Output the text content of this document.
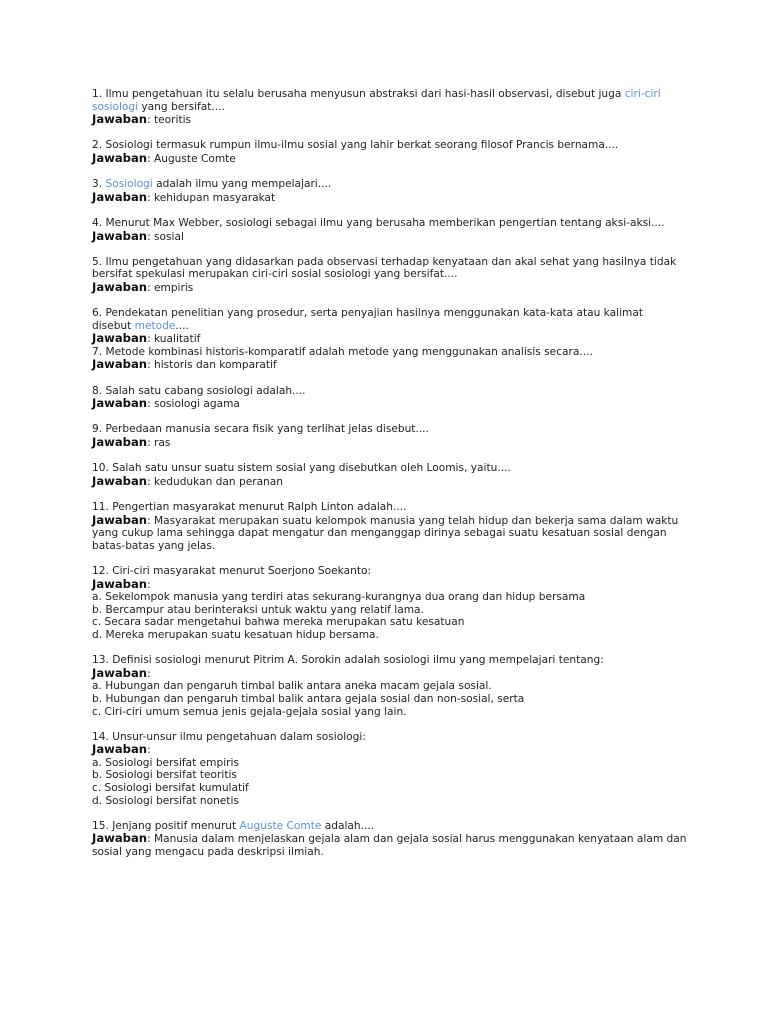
1. Ilmu pengetahuan itu selalu berusaha menyusun abstraksi dari hasi-hasil observasi, disebut juga ciri-ciri
sosiologi yang bersifat....
Jawaban: teoritis
2. Sosiologi termasuk rumpun ilmu-ilmu sosial yang lahir berkat seorang filosof Prancis bernama....
Jawaban: Auguste Comte
3. Sosiologi adalah ilmu yang mempelajari....
Jawaban: kehidupan masyarakat
4. Menurut Max Webber, sosiologi sebagai ilmu yang berusaha memberikan pengertian tentang aksi-aksi....
Jawaban: sosial
5. Ilmu pengetahuan yang didasarkan pada observasi terhadap kenyataan dan akal sehat yang hasilnya tidak
bersifat spekulasi merupakan ciri-ciri sosial sosiologi yang bersifat....
Jawaban: empiris
6. Pendekatan penelitian yang prosedur, serta penyajian hasilnya menggunakan kata-kata atau kalimat
disebut metode....
Jawaban: kualitatif
7. Metode kombinasi historis-komparatif adalah metode yang menggunakan analisis secara....
Jawaban: historis dan komparatif
8. Salah satu cabang sosiologi adalah....
Jawaban: sosiologi agama
9. Perbedaan manusia secara fisik yang terlihat jelas disebut....
Jawaban: ras
10. Salah satu unsur suatu sistem sosial yang disebutkan oleh Loomis, yaitu....
Jawaban: kedudukan dan peranan
11. Pengertian masyarakat menurut Ralph Linton adalah....
Jawaban: Masyarakat merupakan suatu kelompok manusia yang telah hidup dan bekerja sama dalam waktu
yang cukup lama sehingga dapat mengatur dan menganggap dirinya sebagai suatu kesatuan sosial dengan
batas-batas yang jelas.
12. Ciri-ciri masyarakat menurut Soerjono Soekanto:
Jawaban:
a. Sekelompok manusia yang terdiri atas sekurang-kurangnya dua orang dan hidup bersama
b. Bercampur atau berinteraksi untuk waktu yang relatif lama.
c. Secara sadar mengetahui bahwa mereka merupakan satu kesatuan
d. Mereka merupakan suatu kesatuan hidup bersama.
13. Definisi sosiologi menurut Pitrim A. Sorokin adalah sosiologi ilmu yang mempelajari tentang:
Jawaban:
a. Hubungan dan pengaruh timbal balik antara aneka macam gejala sosial.
b. Hubungan dan pengaruh timbal balik antara gejala sosial dan non-sosial, serta
c. Ciri-ciri umum semua jenis gejala-gejala sosial yang lain.
14. Unsur-unsur ilmu pengetahuan dalam sosiologi:
Jawaban:
a. Sosiologi bersifat empiris
b. Sosiologi bersifat teoritis
c. Sosiologi bersifat kumulatif
d. Sosiologi bersifat nonetis
15. Jenjang positif menurut Auguste Comte adalah....
Jawaban: Manusia dalam menjelaskan gejala alam dan gejala sosial harus menggunakan kenyataan alam dan
sosial yang mengacu pada deskripsi ilmiah.
